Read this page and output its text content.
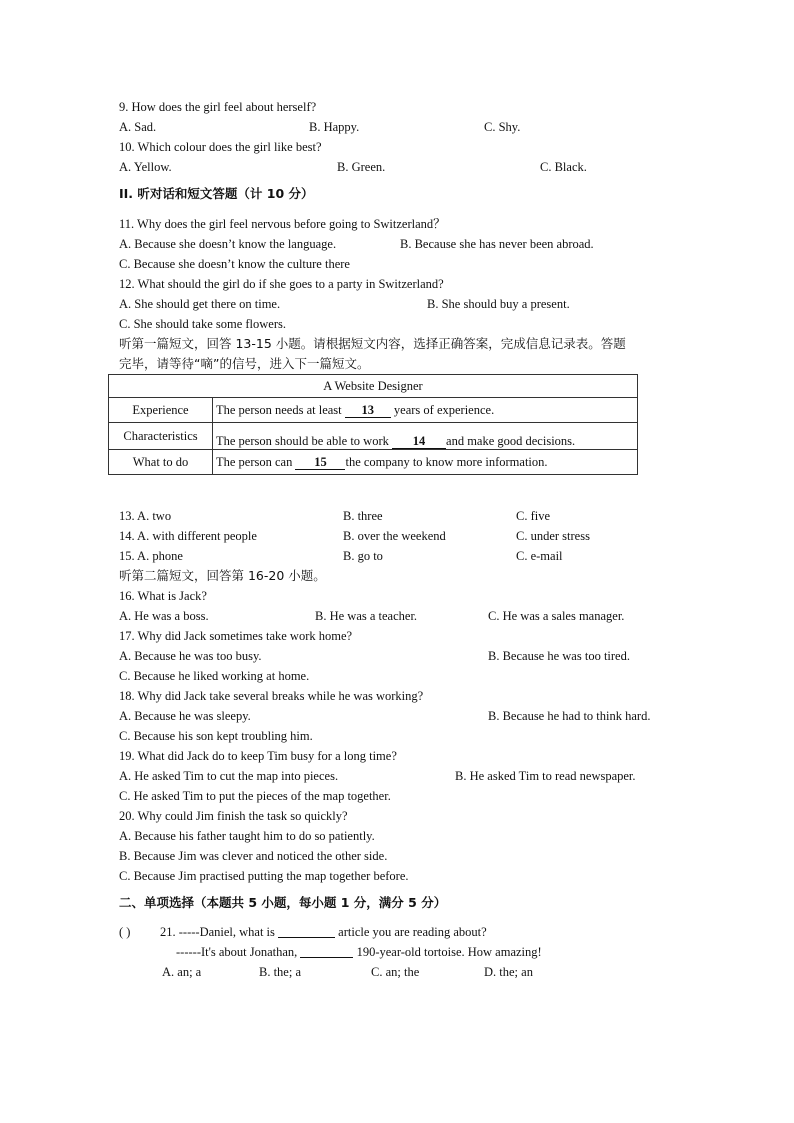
9. How does the girl feel about herself?
A. Sad.	B. Happy.	C. Shy.
10. Which colour does the girl like best?
A. Yellow.	B. Green.	C. Black.
II. 听对话和短文答题（计 10 分）
11. Why does the girl feel nervous before going to Switzerland？
A. Because she doesn’t know the language.	B. Because she has never been abroad.
C. Because she doesn’t know the culture there
12. What should the girl do if she goes to a party in Switzerland?
A. She should get there on time.	B. She should buy a present.
C. She should take some flowers.
听第一篇短文，回答 13-15 小题。请根据短文内容，选择正确答案，完成信息记录表。答题
完毕，请等待“嘀”的信号，进入下一篇短文。
A Website Designer	
Experience	The person needs at least 13 years of experience.
Characteristics	The person should be able to work 14 and make good decisions.
What to do	The person can 15 the company to know more information.
13. A. two	B. three	C. five
14. A. with different people	B. over the weekend	C. under stress
15. A. phone	B. go to	C. e-mail
听第二篇短文，回答第 16-20 小题。
16. What is Jack?
A. He was a boss.	B. He was a teacher.	C. He was a sales manager.
17. Why did Jack sometimes take work home?
A. Because he was too busy.	B. Because he was too tired.
C. Because he liked working at home.
18. Why did Jack take several breaks while he was working?
A. Because he was sleepy.	B. Because he had to think hard.
C. Because his son kept troubling him.
19. What did Jack do to keep Tim busy for a long time?
A. He asked Tim to cut the map into pieces.	B. He asked Tim to read newspaper.
C. He asked Tim to put the pieces of the map together.
20. Why could Jim finish the task so quickly?
A. Because his father taught him to do so patiently.
B. Because Jim was clever and noticed the other side.
C. Because Jim practised putting the map together before.
二、单项选择（本题共 5 小题，每小题 1 分，满分 5 分）
( ) 21. -----Daniel, what is	article you are reading about?
------It's about Jonathan,	190-year-old tortoise. How amazing!
A. an; a	B. the; a	C. an; the	D. the; an
